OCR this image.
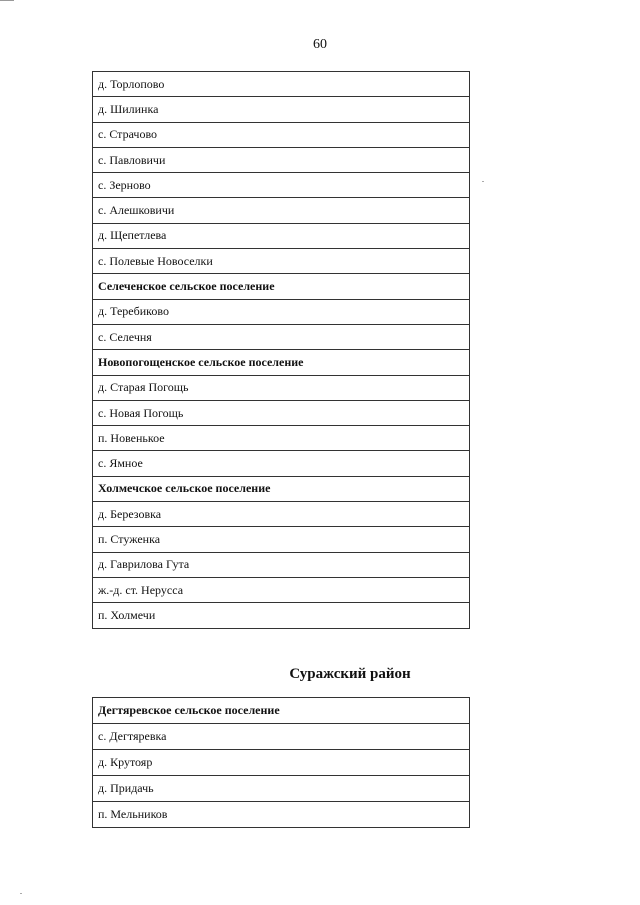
60
д. Торлопово
д. Шилинка
с. Страчово
с. Павловичи
с. Зерново
с. Алешковичи
д. Щепетлева
с. Полевые Новоселки
Селеченское сельское поселение
д. Теребиково
с. Селечня
Новопогощенское сельское поселение
д. Старая Погощь
с. Новая Погощь
п. Новенькое
с. Ямное
Холмечское сельское поселение
д. Березовка
п. Стуженка
д. Гаврилова Гута
ж.-д. ст. Нерусса
п. Холмечи
Суражский район
Дегтяревское сельское поселение
с. Дегтяревка
д. Крутояр
д. Придачь
п. Мельников
